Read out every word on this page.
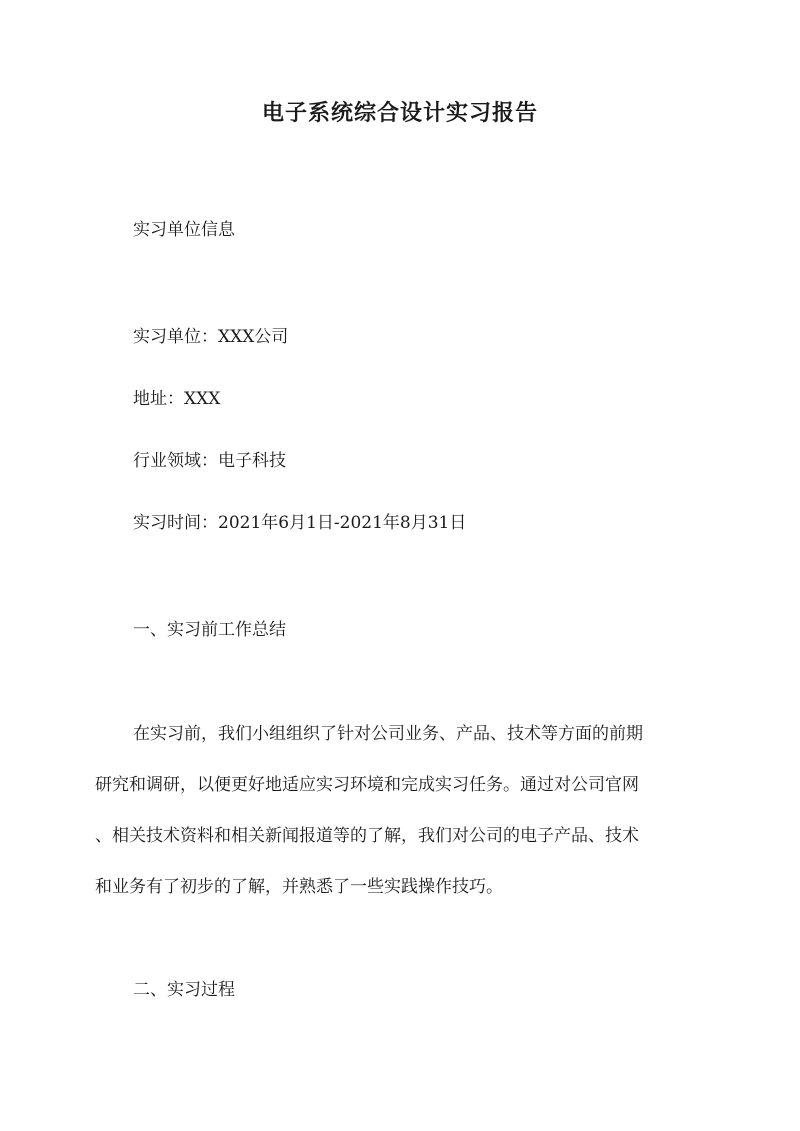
电子系统综合设计实习报告
实习单位信息
实习单位：XXX公司
地址：XXX
行业领域：电子科技
实习时间：2021年6月1日-2021年8月31日
一、实习前工作总结
在实习前，我们小组组织了针对公司业务、产品、技术等方面的前期
研究和调研，以便更好地适应实习环境和完成实习任务。通过对公司官网
、相关技术资料和相关新闻报道等的了解，我们对公司的电子产品、技术
和业务有了初步的了解，并熟悉了一些实践操作技巧。
二、实习过程
